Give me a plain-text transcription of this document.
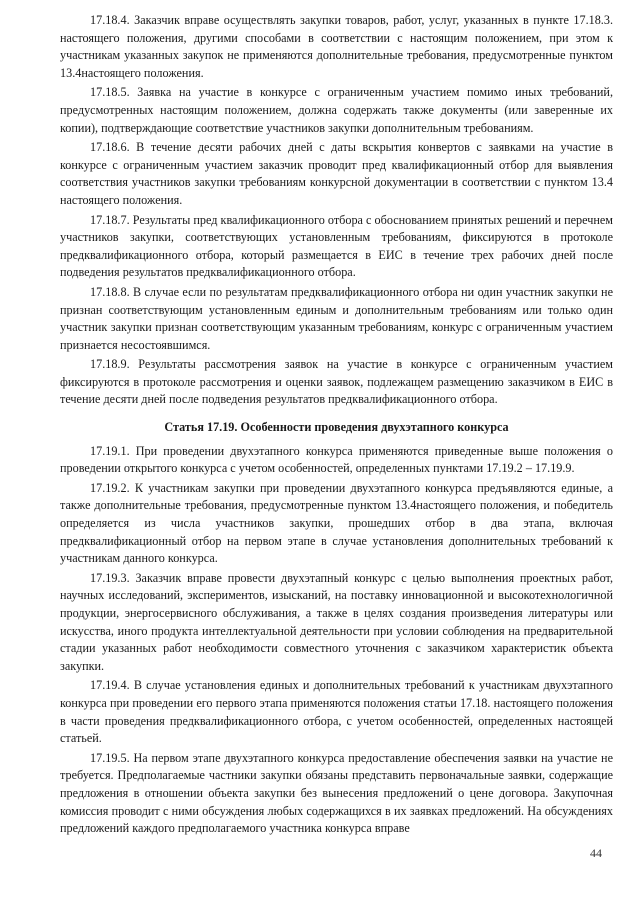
17.18.4. Заказчик вправе осуществлять закупки товаров, работ, услуг, указанных в пункте 17.18.3. настоящего положения, другими способами в соответствии с настоящим положением, при этом к участникам указанных закупок не применяются дополнительные требования, предусмотренные пунктом 13.4настоящего положения.

17.18.5. Заявка на участие в конкурсе с ограниченным участием помимо иных требований, предусмотренных настоящим положением, должна содержать также документы (или заверенные их копии), подтверждающие соответствие участников закупки дополнительным требованиям.

17.18.6. В течение десяти рабочих дней с даты вскрытия конвертов с заявками на участие в конкурсе с ограниченным участием заказчик проводит пред квалификационный отбор для выявления соответствия участников закупки требованиям конкурсной документации в соответствии с пунктом 13.4 настоящего положения.

17.18.7. Результаты пред квалификационного отбора с обоснованием принятых решений и перечнем участников закупки, соответствующих установленным требованиям, фиксируются в протоколе предквалификационного отбора, который размещается в ЕИС в течение трех рабочих дней после подведения результатов предквалификационного отбора.

17.18.8. В случае если по результатам предквалификационного отбора ни один участник закупки не признан соответствующим установленным единым и дополнительным требованиям или только один участник закупки признан соответствующим указанным требованиям, конкурс с ограниченным участием признается несостоявшимся.

17.18.9. Результаты рассмотрения заявок на участие в конкурсе с ограниченным участием фиксируются в протоколе рассмотрения и оценки заявок, подлежащем размещению заказчиком в ЕИС в течение десяти дней после подведения результатов предквалификационного отбора.

Статья 17.19. Особенности проведения двухэтапного конкурса

17.19.1. При проведении двухэтапного конкурса применяются приведенные выше положения о проведении открытого конкурса с учетом особенностей, определенных пунктами 17.19.2 – 17.19.9.

17.19.2. К участникам закупки при проведении двухэтапного конкурса предъявляются единые, а также дополнительные требования, предусмотренные пунктом 13.4настоящего положения, и победитель определяется из числа участников закупки, прошедших отбор в два этапа, включая предквалификационный отбор на первом этапе в случае установления дополнительных требований к участникам данного конкурса.

17.19.3. Заказчик вправе провести двухэтапный конкурс с целью выполнения проектных работ, научных исследований, экспериментов, изысканий, на поставку инновационной и высокотехнологичной продукции, энергосервисного обслуживания, а также в целях создания произведения литературы или искусства, иного продукта интеллектуальной деятельности при условии соблюдения на предварительной стадии указанных работ необходимости совместного уточнения с заказчиком характеристик объекта закупки.

17.19.4. В случае установления единых и дополнительных требований к участникам двухэтапного конкурса при проведении его первого этапа применяются положения статьи 17.18. настоящего положения в части проведения предквалификационного отбора, с учетом особенностей, определенных настоящей статьей.

17.19.5. На первом этапе двухэтапного конкурса предоставление обеспечения заявки на участие не требуется. Предполагаемые частники закупки обязаны представить первоначальные заявки, содержащие предложения в отношении объекта закупки без вынесения предложений о цене договора. Закупочная комиссия проводит с ними обсуждения любых содержащихся в их заявках предложений. На обсуждениях предложений каждого предполагаемого участника конкурса вправе

44
